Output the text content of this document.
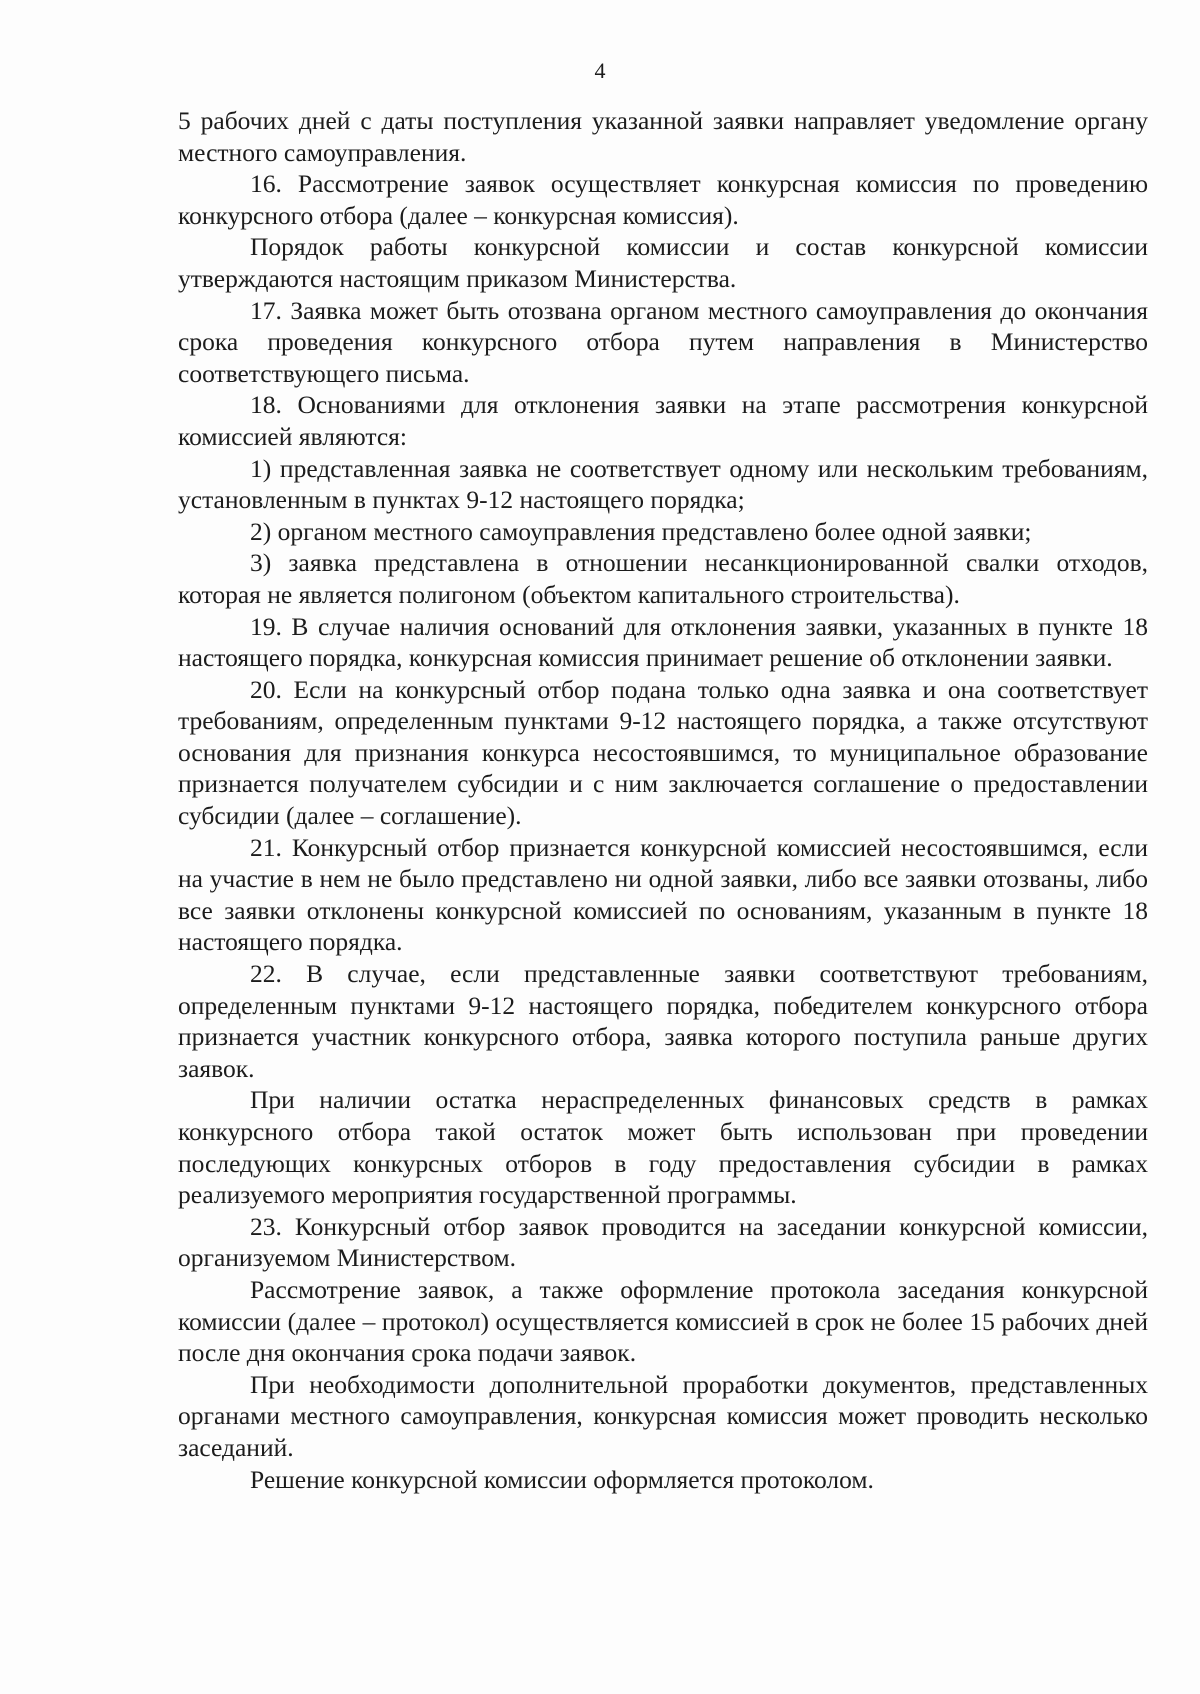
4

5 рабочих дней с даты поступления указанной заявки направляет уведомление органу местного самоуправления.

16. Рассмотрение заявок осуществляет конкурсная комиссия по проведению конкурсного отбора (далее – конкурсная комиссия).

Порядок работы конкурсной комиссии и состав конкурсной комиссии утверждаются настоящим приказом Министерства.

17. Заявка может быть отозвана органом местного самоуправления до окончания срока проведения конкурсного отбора путем направления в Министерство соответствующего письма.

18. Основаниями для отклонения заявки на этапе рассмотрения конкурсной комиссией являются:

1) представленная заявка не соответствует одному или нескольким требованиям, установленным в пунктах 9-12 настоящего порядка;

2) органом местного самоуправления представлено более одной заявки;

3) заявка представлена в отношении несанкционированной свалки отходов, которая не является полигоном (объектом капитального строительства).

19. В случае наличия оснований для отклонения заявки, указанных в пункте 18 настоящего порядка, конкурсная комиссия принимает решение об отклонении заявки.

20. Если на конкурсный отбор подана только одна заявка и она соответствует требованиям, определенным пунктами 9-12 настоящего порядка, а также отсутствуют основания для признания конкурса несостоявшимся, то муниципальное образование признается получателем субсидии и с ним заключается соглашение о предоставлении субсидии (далее – соглашение).

21. Конкурсный отбор признается конкурсной комиссией несостоявшимся, если на участие в нем не было представлено ни одной заявки, либо все заявки отозваны, либо все заявки отклонены конкурсной комиссией по основаниям, указанным в пункте 18 настоящего порядка.

22. В случае, если представленные заявки соответствуют требованиям, определенным пунктами 9-12 настоящего порядка, победителем конкурсного отбора признается участник конкурсного отбора, заявка которого поступила раньше других заявок.

При наличии остатка нераспределенных финансовых средств в рамках конкурсного отбора такой остаток может быть использован при проведении последующих конкурсных отборов в году предоставления субсидии в рамках реализуемого мероприятия государственной программы.

23. Конкурсный отбор заявок проводится на заседании конкурсной комиссии, организуемом Министерством.

Рассмотрение заявок, а также оформление протокола заседания конкурсной комиссии (далее – протокол) осуществляется комиссией в срок не более 15 рабочих дней после дня окончания срока подачи заявок.

При необходимости дополнительной проработки документов, представленных органами местного самоуправления, конкурсная комиссия может проводить несколько заседаний.

Решение конкурсной комиссии оформляется протоколом.
